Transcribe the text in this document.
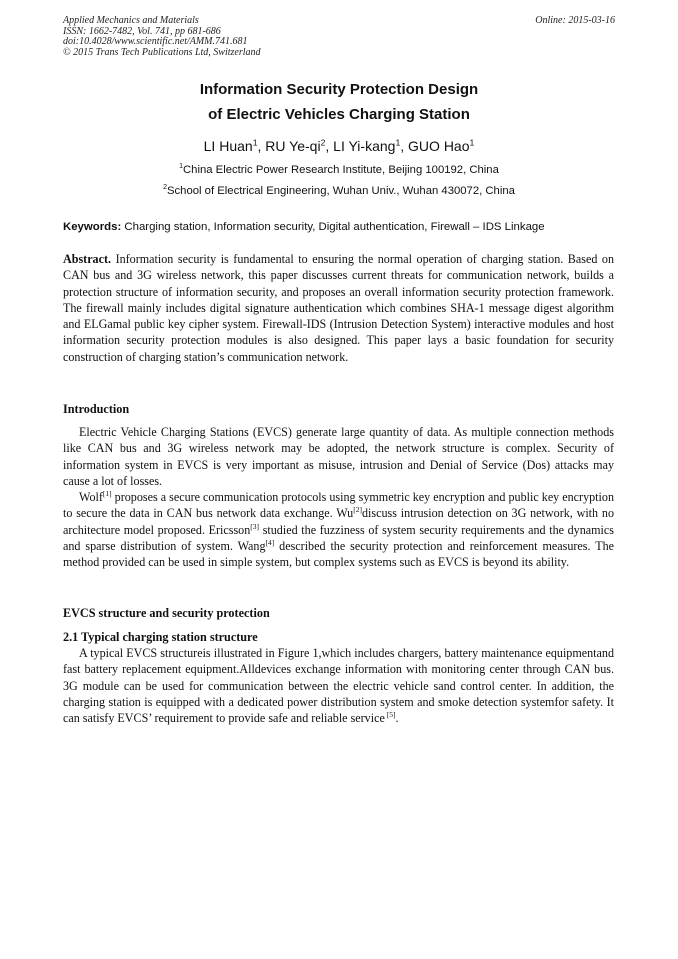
Applied Mechanics and Materials
ISSN: 1662-7482, Vol. 741, pp 681-686
doi:10.4028/www.scientific.net/AMM.741.681
© 2015 Trans Tech Publications Ltd, Switzerland
Online: 2015-03-16
Information Security Protection Design
of Electric Vehicles Charging Station
LI Huan$^1$, RU $Ye-qi^2$, LI Yi-kang$^1$, GUO Hao$^1$
$^1$China Electric Power Research Institute, Beijing 100192, China
$^2$School of Electrical Engineering, Wuhan Univ., Wuhan 430072, China
Keywords: Charging station, Information security, Digital authentication, Firewall – IDS Linkage
Abstract. Information security is fundamental to ensuring the normal operation of charging station. Based on CAN bus and 3G wireless network, this paper discusses current threats for communication network, builds a protection structure of information security, and proposes an overall information security protection framework. The firewall mainly includes digital signature authentication which combines SHA-1 message digest algorithm and ELGamal public key cipher system. Firewall-IDS (Intrusion Detection System) interactive modules and host information security protection modules is also designed. This paper lays a basic foundation for security construction of charging station’s communication network.
Introduction
Electric Vehicle Charging Stations (EVCS) generate large quantity of data. As multiple connection methods like CAN bus and 3G wireless network may be adopted, the network structure is complex. Security of information system in EVCS is very important as misuse, intrusion and Denial of Service (Dos) attacks may cause a lot of losses.
Wolf[1] proposes a secure communication protocols using symmetric key encryption and public key encryption to secure the data in CAN bus network data exchange. Wu[2]discuss intrusion detection on 3G network, with no architecture model proposed. Ericsson[3] studied the fuzziness of system security requirements and the dynamics and sparse distribution of system. Wang[4] described the security protection and reinforcement measures. The method provided can be used in simple system, but complex systems such as EVCS is beyond its ability.
EVCS structure and security protection
2.1 Typical charging station structure
A typical EVCS structureis illustrated in Figure 1,which includes chargers, battery maintenance equipmentand fast battery replacement equipment.Alldevices exchange information with monitoring center through CAN bus. 3G module can be used for communication between the electric vehicle sand control center. In addition, the charging station is equipped with a dedicated power distribution system and smoke detection systemfor safety. It can satisfy EVCS’ requirement to provide safe and reliable service [5].
